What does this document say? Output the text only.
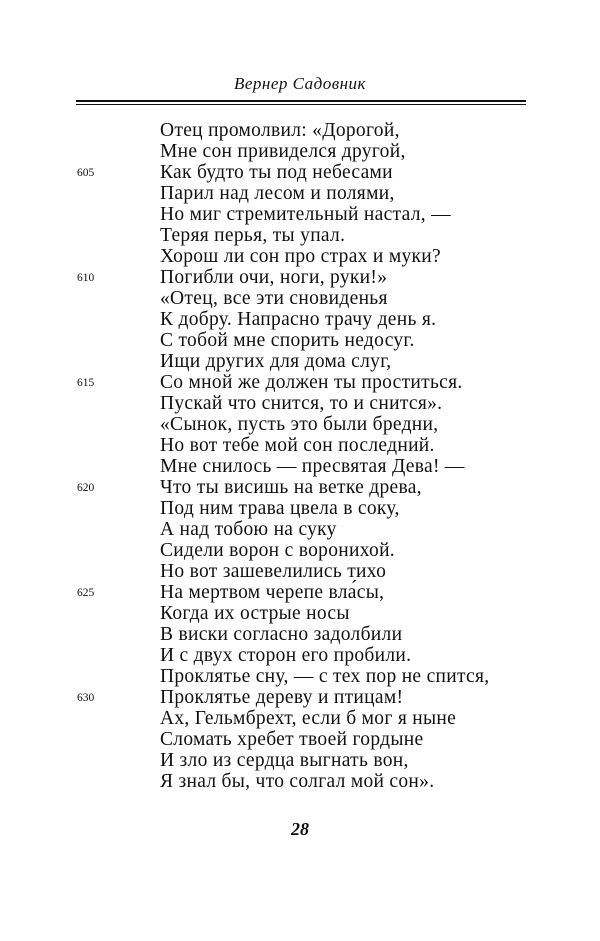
Вернер Садовник
Отец промолвил: «Дорогой,
Мне сон привиделся другой,
Как будто ты под небесами
605
Парил над лесом и полями,
Но миг стремительный настал, —
Теряя перья, ты упал.
Хорош ли сон про страх и муки?
Погибли очи, ноги, руки!»
610
«Отец, все эти сновиденья
К добру. Напрасно трачу день я.
С тобой мне спорить недосуг.
Ищи других для дома слуг,
Со мной же должен ты проститься.
615
Пускай что снится, то и снится».
«Сынок, пусть это были бредни,
Но вот тебе мой сон последний.
Мне снилось — пресвятая Дева! —
Что ты висишь на ветке древа,
620
Под ним трава цвела в соку,
А над тобою на суку
Сидели ворон с воронихой.
Но вот зашевелились тихо
На мертвом черепе вла́сы,
625
Когда их острые носы
В виски согласно задолбили
И с двух сторон его пробили.
Проклятье сну, — с тех пор не спится,
Проклятье дереву и птицам!
630
Ах, Гельмбрехт, если б мог я ныне
Сломать хребет твоей гордыне
И зло из сердца выгнать вон,
Я знал бы, что солгал мой сон».
28
